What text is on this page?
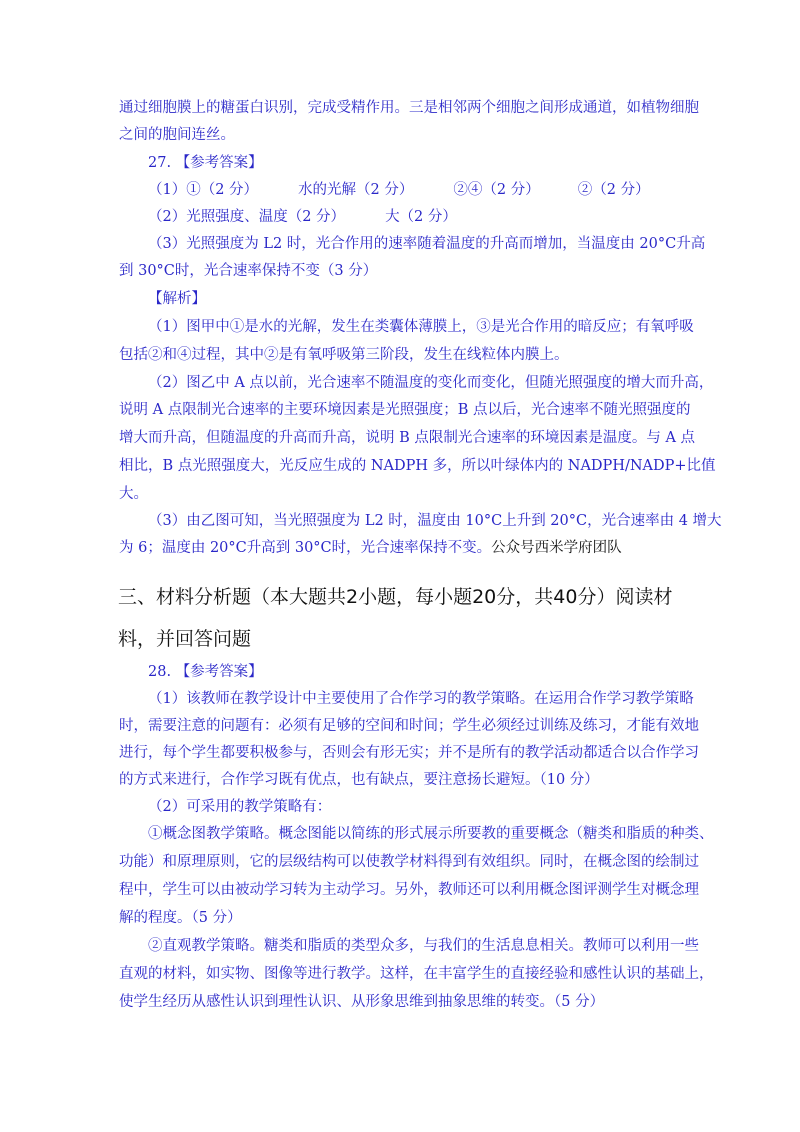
通过细胞膜上的糖蛋白识别，完成受精作用。三是相邻两个细胞之间形成通道，如植物细胞
之间的胞间连丝。
27. 【参考答案】
（1）①（2 分）	水的光解（2 分）	②④（2 分）	②（2 分）
（2）光照强度、温度（2 分）	大（2 分）
（3）光照强度为 L2 时，光合作用的速率随着温度的升高而增加，当温度由 20°C升高
到 30°C时，光合速率保持不变（3 分）
【解析】
（1）图甲中①是水的光解，发生在类囊体薄膜上，③是光合作用的暗反应；有氧呼吸
包括②和④过程，其中②是有氧呼吸第三阶段，发生在线粒体内膜上。
（2）图乙中 A 点以前，光合速率不随温度的变化而变化，但随光照强度的增大而升高，
说明 A 点限制光合速率的主要环境因素是光照强度；B 点以后，光合速率不随光照强度的
增大而升高，但随温度的升高而升高，说明 B 点限制光合速率的环境因素是温度。与 A 点
相比，B 点光照强度大，光反应生成的 NADPH 多，所以叶绿体内的 NADPH/NADP+比值
大。
（3）由乙图可知，当光照强度为 L2 时，温度由 10°C上升到 20°C，光合速率由 4 增大
为 6；温度由 20°C升高到 30°C时，光合速率保持不变。公众号西米学府团队
三、材料分析题（本大题共2小题，每小题20分，共40分）阅读材
料，并回答问题
28. 【参考答案】
（1）该教师在教学设计中主要使用了合作学习的教学策略。在运用合作学习教学策略
时，需要注意的问题有：必须有足够的空间和时间；学生必须经过训练及练习，才能有效地
进行，每个学生都要积极参与，否则会有形无实；并不是所有的教学活动都适合以合作学习
的方式来进行，合作学习既有优点，也有缺点，要注意扬长避短。（10 分）
（2）可采用的教学策略有：
①概念图教学策略。概念图能以简练的形式展示所要教的重要概念（糖类和脂质的种类、
功能）和原理原则，它的层级结构可以使教学材料得到有效组织。同时，在概念图的绘制过
程中，学生可以由被动学习转为主动学习。另外，教师还可以利用概念图评测学生对概念理
解的程度。（5 分）
②直观教学策略。糖类和脂质的类型众多，与我们的生活息息相关。教师可以利用一些
直观的材料，如实物、图像等进行教学。这样，在丰富学生的直接经验和感性认识的基础上，
使学生经历从感性认识到理性认识、从形象思维到抽象思维的转变。（5 分）
